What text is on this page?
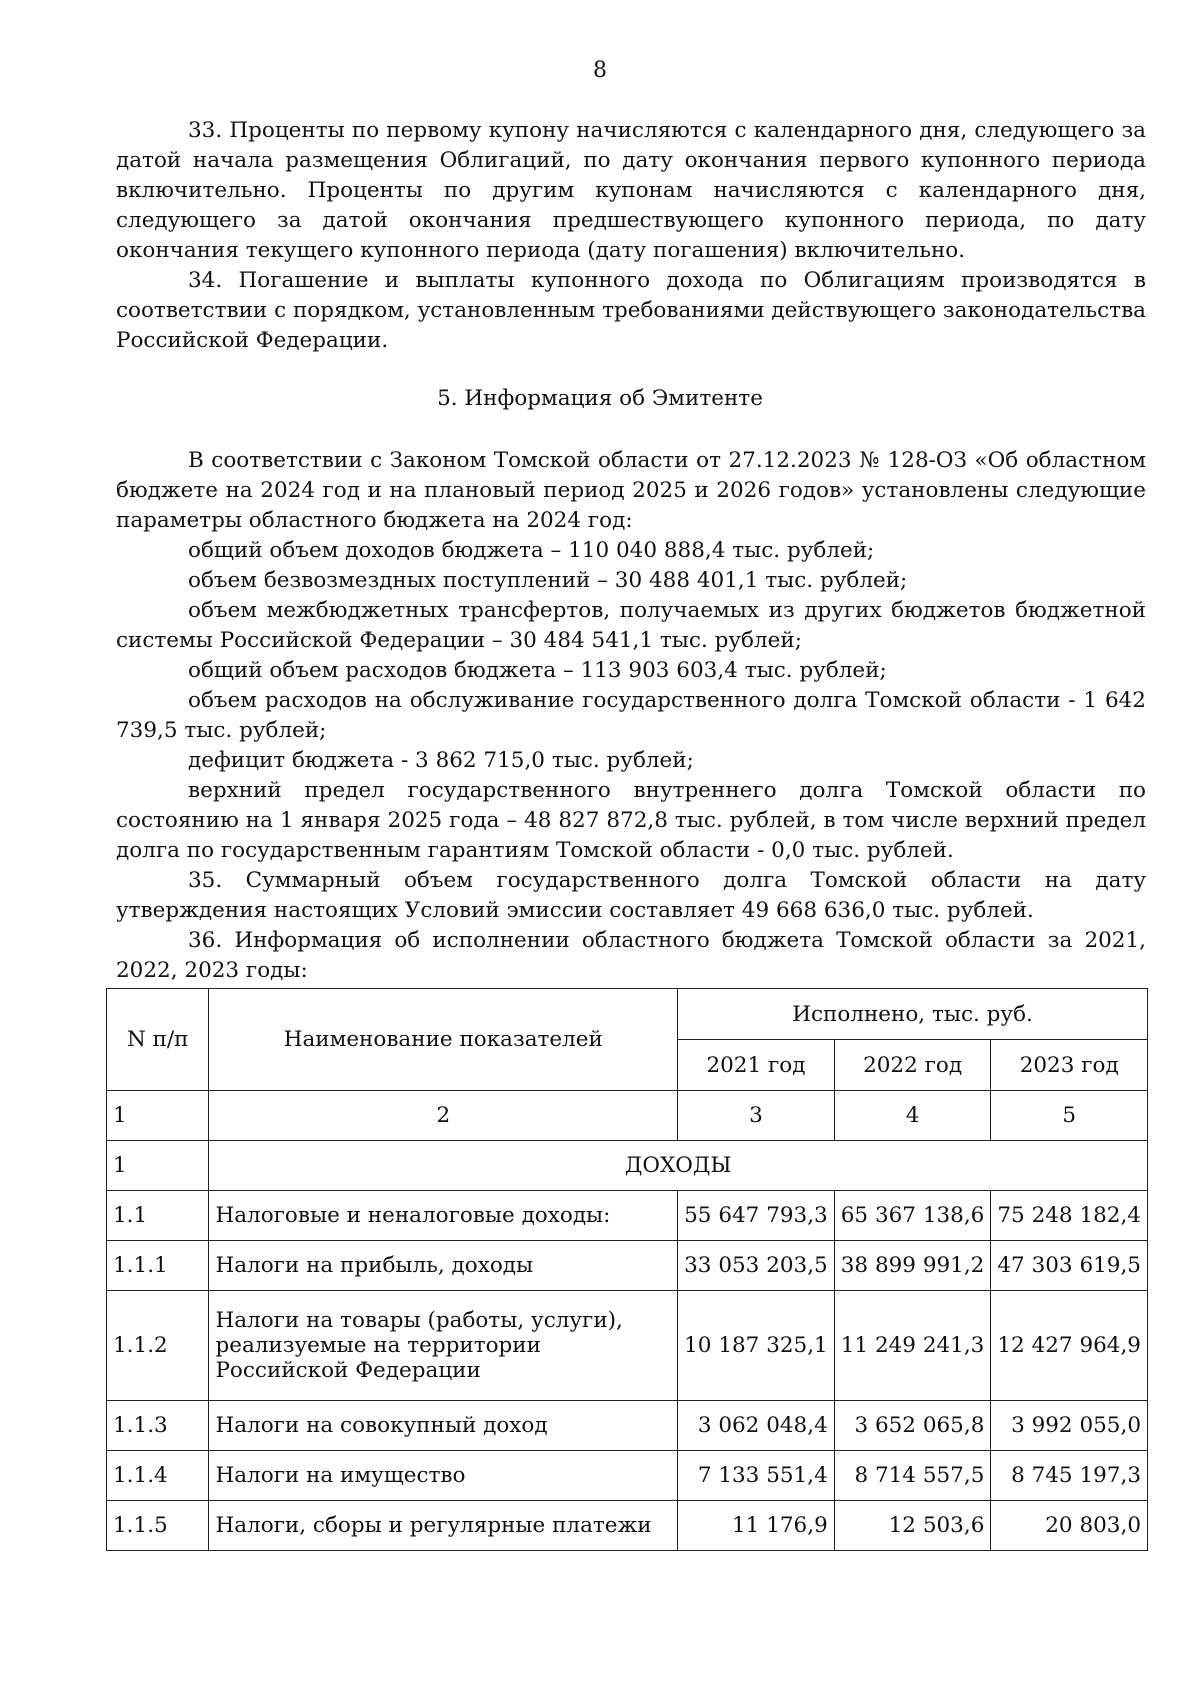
8

33. Проценты по первому купону начисляются с календарного дня, следующего за датой начала размещения Облигаций, по дату окончания первого купонного периода включительно. Проценты по другим купонам начисляются с календарного дня, следующего за датой окончания предшествующего купонного периода, по дату окончания текущего купонного периода (дату погашения) включительно.

34. Погашение и выплаты купонного дохода по Облигациям производятся в соответствии с порядком, установленным требованиями действующего законодательства Российской Федерации.

5. Информация об Эмитенте

В соответствии с Законом Томской области от 27.12.2023 № 128-ОЗ «Об областном бюджете на 2024 год и на плановый период 2025 и 2026 годов» установлены следующие параметры областного бюджета на 2024 год:

общий объем доходов бюджета – 110 040 888,4 тыс. рублей;

объем безвозмездных поступлений – 30 488 401,1 тыс. рублей;

объем межбюджетных трансфертов, получаемых из других бюджетов бюджетной системы Российской Федерации – 30 484 541,1 тыс. рублей;

общий объем расходов бюджета – 113 903 603,4 тыс. рублей;

объем расходов на обслуживание государственного долга Томской области - 1 642 739,5 тыс. рублей;

дефицит бюджета - 3 862 715,0 тыс. рублей;

верхний предел государственного внутреннего долга Томской области по состоянию на 1 января 2025 года – 48 827 872,8 тыс. рублей, в том числе верхний предел долга по государственным гарантиям Томской области - 0,0 тыс. рублей.

35. Суммарный объем государственного долга Томской области на дату утверждения настоящих Условий эмиссии составляет 49 668 636,0 тыс. рублей.

36. Информация об исполнении областного бюджета Томской области за 2021, 2022, 2023 годы:

N п/п	Наименование показателей	Исполнено, тыс. руб.		
		2021 год	2022 год	2023 год
1	2	3	4	5
1	ДОХОДЫ			
1.1	Налоговые и неналоговые доходы:	55 647 793,3	65 367 138,6	75 248 182,4
1.1.1	Налоги на прибыль, доходы	33 053 203,5	38 899 991,2	47 303 619,5
1.1.2	Налоги на товары (работы, услуги), реализуемые на территории Российской Федерации	10 187 325,1	11 249 241,3	12 427 964,9
1.1.3	Налоги на совокупный доход	3 062 048,4	3 652 065,8	3 992 055,0
1.1.4	Налоги на имущество	7 133 551,4	8 714 557,5	8 745 197,3
1.1.5	Налоги, сборы и регулярные платежи	11 176,9	12 503,6	20 803,0
